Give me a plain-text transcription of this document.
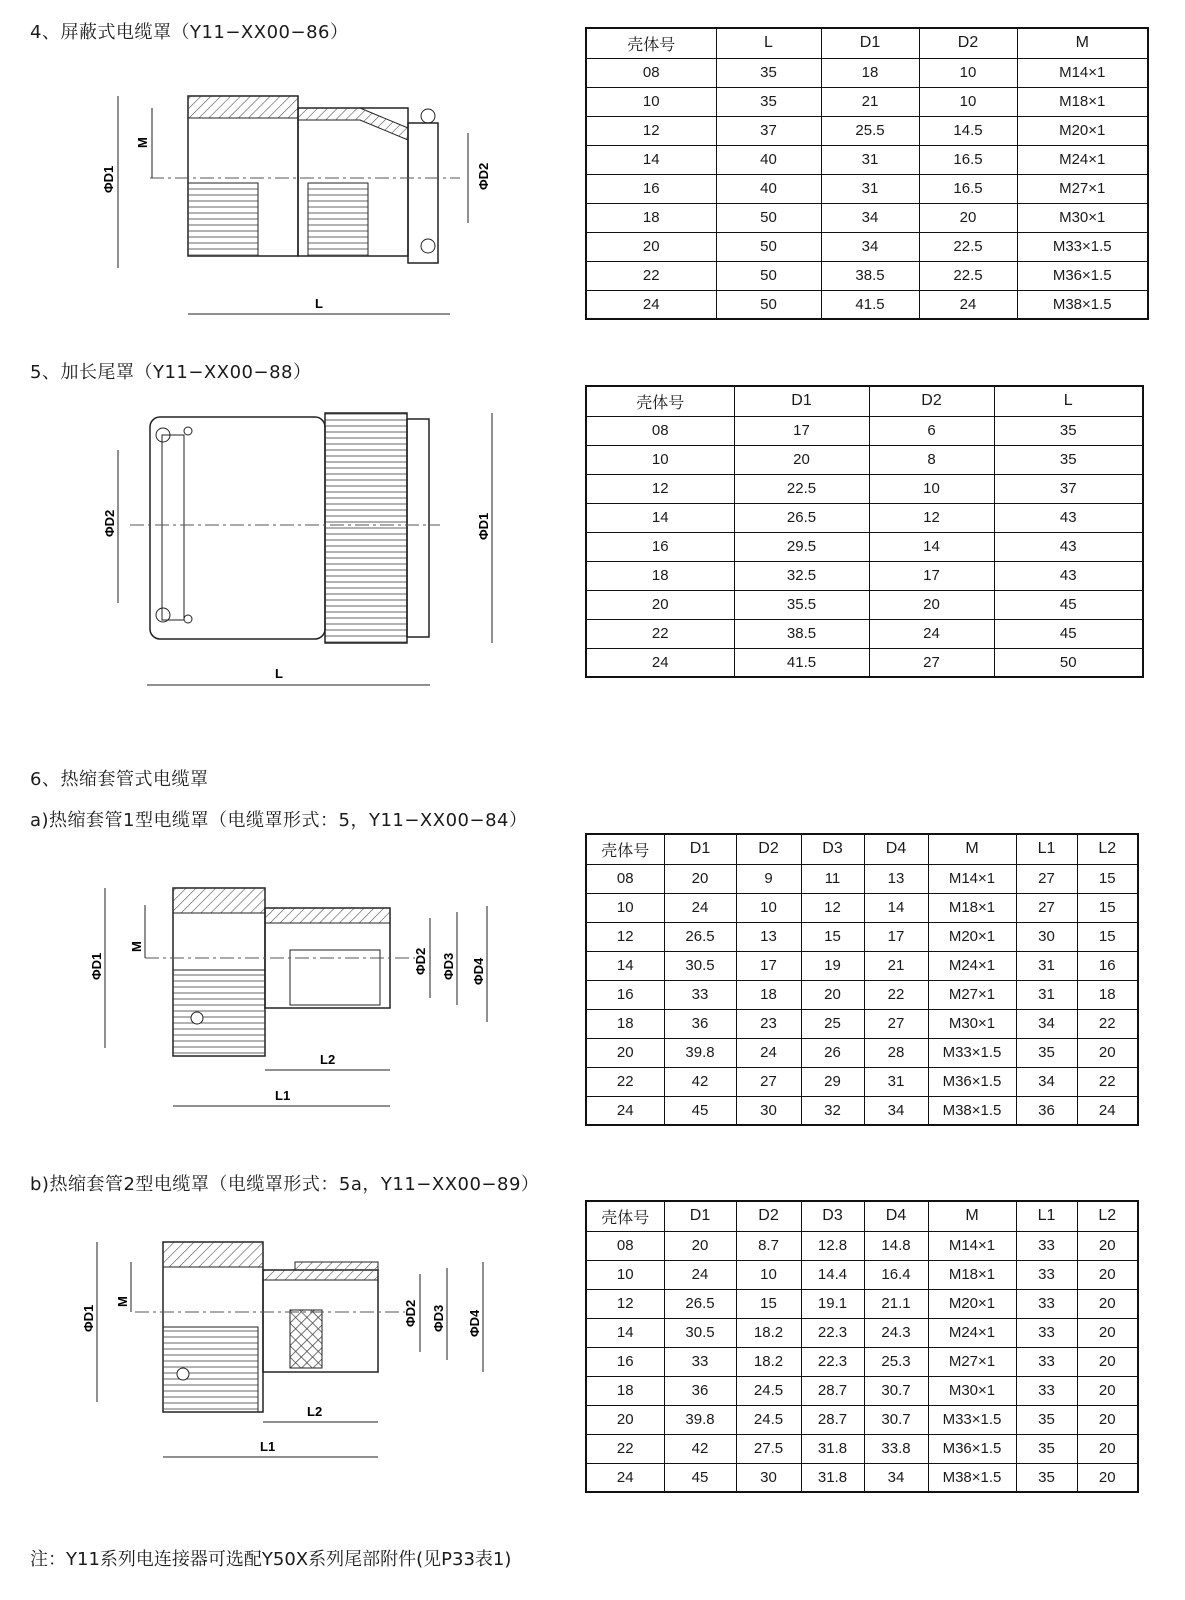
4、屏蔽式电缆罩（Y11−XX00−86）
M
ΦD1	ΦD2
L
壳体号	L	D1	D2	M
08	35	18	10	M14×1
10	35	21	10	M18×1
12	37	25.5	14.5	M20×1
14	40	31	16.5	M24×1
16	40	31	16.5	M27×1
18	50	34	20	M30×1
20	50	34	22.5	M33×1.5
22	50	38.5	22.5	M36×1.5
24	50	41.5	24	M38×1.5
5、加长尾罩（Y11−XX00−88）
ΦD2	ΦD1
L
壳体号	D1	D2	L
08	17	6	35
10	20	8	35
12	22.5	10	37
14	26.5	12	43
16	29.5	14	43
18	32.5	17	43
20	35.5	20	45
22	38.5	24	45
24	41.5	27	50
6、热缩套管式电缆罩
a)热缩套管1型电缆罩（电缆罩形式：5，Y11−XX00−84）
ΦD1
M
ΦD2 ΦD3 ΦD4
L2
L1
壳体号	D1	D2	D3	D4	M	L1	L2
08	20	9	11	13	M14×1	27	15
10	24	10	12	14	M18×1	27	15
12	26.5	13	15	17	M20×1	30	15
14	30.5	17	19	21	M24×1	31	16
16	33	18	20	22	M27×1	31	18
18	36	23	25	27	M30×1	34	22
20	39.8	24	26	28	M33×1.5	35	20
22	42	27	29	31	M36×1.5	34	22
24	45	30	32	34	M38×1.5	36	24
b)热缩套管2型电缆罩（电缆罩形式：5a，Y11−XX00−89）
ΦD1
M	ΦD2 ΦD3 ΦD4
L2
L1
壳体号	D1	D2	D3	D4	M	L1	L2
08	20	8.7	12.8	14.8	M14×1	33	20
10	24	10	14.4	16.4	M18×1	33	20
12	26.5	15	19.1	21.1	M20×1	33	20
14	30.5	18.2	22.3	24.3	M24×1	33	20
16	33	18.2	22.3	25.3	M27×1	33	20
18	36	24.5	28.7	30.7	M30×1	33	20
20	39.8	24.5	28.7	30.7	M33×1.5	35	20
22	42	27.5	31.8	33.8	M36×1.5	35	20
24	45	30	31.8	34	M38×1.5	35	20
注：Y11系列电连接器可选配Y50X系列尾部附件(见P33表1)
